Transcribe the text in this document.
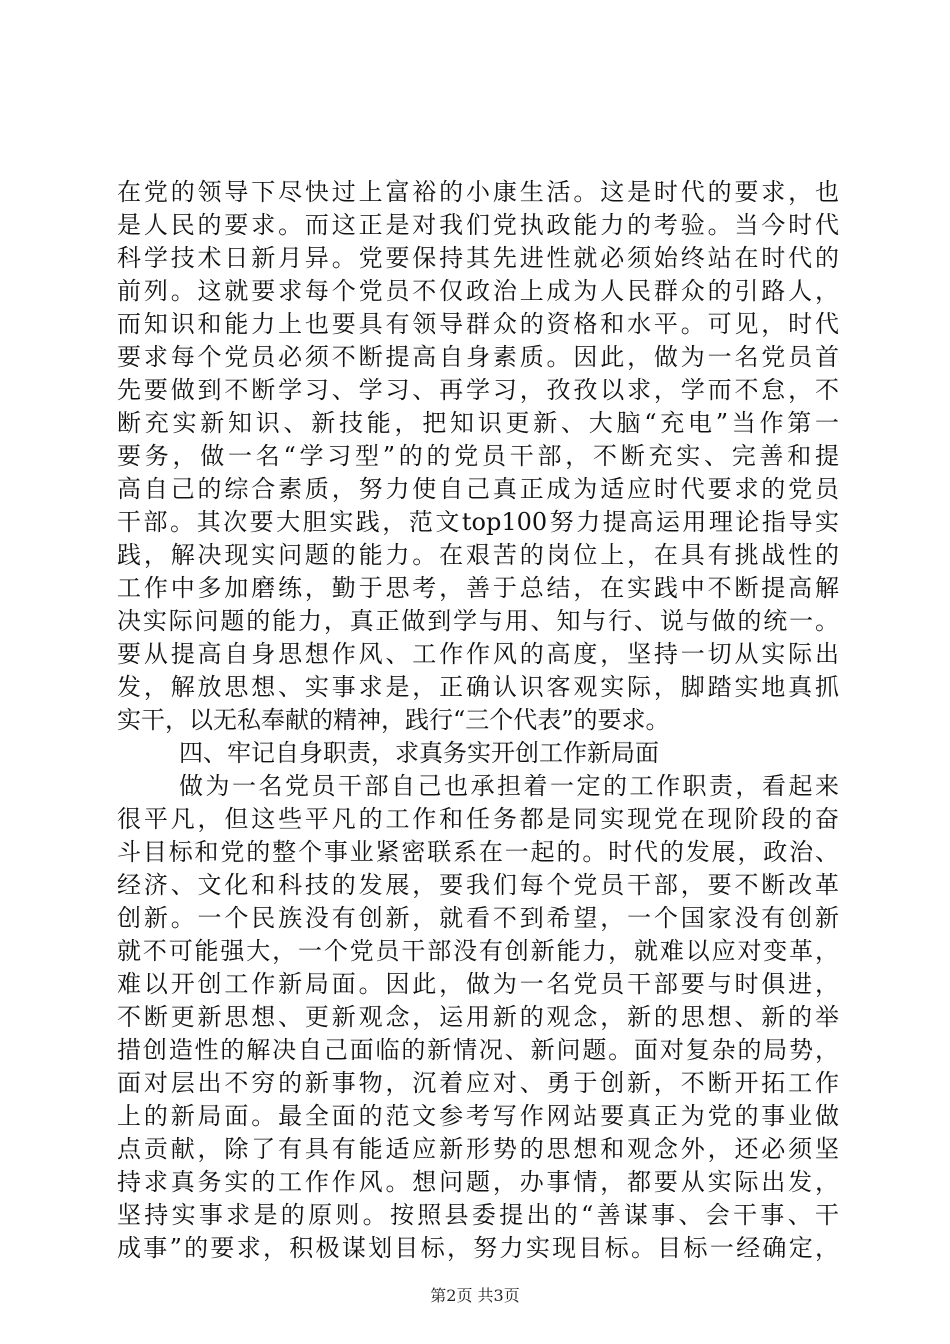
在党的领导下尽快过上富裕的小康生活。这是时代的要求，也
是人民的要求。而这正是对我们党执政能力的考验。当今时代
科学技术日新月异。党要保持其先进性就必须始终站在时代的
前列。这就要求每个党员不仅政治上成为人民群众的引路人，
而知识和能力上也要具有领导群众的资格和水平。可见，时代
要求每个党员必须不断提高自身素质。因此，做为一名党员首
先要做到不断学习、学习、再学习，孜孜以求，学而不怠，不
断充实新知识、新技能，把知识更新、大脑“充电”当作第一
要务，做一名“学习型”的的党员干部，不断充实、完善和提
高自己的综合素质，努力使自己真正成为适应时代要求的党员
干部。其次要大胆实践，范文top100努力提高运用理论指导实
践，解决现实问题的能力。在艰苦的岗位上，在具有挑战性的
工作中多加磨练，勤于思考，善于总结，在实践中不断提高解
决实际问题的能力，真正做到学与用、知与行、说与做的统一。
要从提高自身思想作风、工作作风的高度，坚持一切从实际出
发，解放思想、实事求是，正确认识客观实际，脚踏实地真抓
实干，以无私奉献的精神，践行“三个代表”的要求。
四、牢记自身职责，求真务实开创工作新局面
做为一名党员干部自己也承担着一定的工作职责，看起来
很平凡，但这些平凡的工作和任务都是同实现党在现阶段的奋
斗目标和党的整个事业紧密联系在一起的。时代的发展，政治、
经济、文化和科技的发展，要我们每个党员干部，要不断改革
创新。一个民族没有创新，就看不到希望，一个国家没有创新
就不可能强大，一个党员干部没有创新能力，就难以应对变革，
难以开创工作新局面。因此，做为一名党员干部要与时俱进，
不断更新思想、更新观念，运用新的观念，新的思想、新的举
措创造性的解决自己面临的新情况、新问题。面对复杂的局势，
面对层出不穷的新事物，沉着应对、勇于创新，不断开拓工作
上的新局面。最全面的范文参考写作网站要真正为党的事业做
点贡献，除了有具有能适应新形势的思想和观念外，还必须坚
持求真务实的工作作风。想问题，办事情，都要从实际出发，
坚持实事求是的原则。按照县委提出的“善谋事、会干事、干
成事”的要求，积极谋划目标，努力实现目标。目标一经确定，
第2页 共3页
